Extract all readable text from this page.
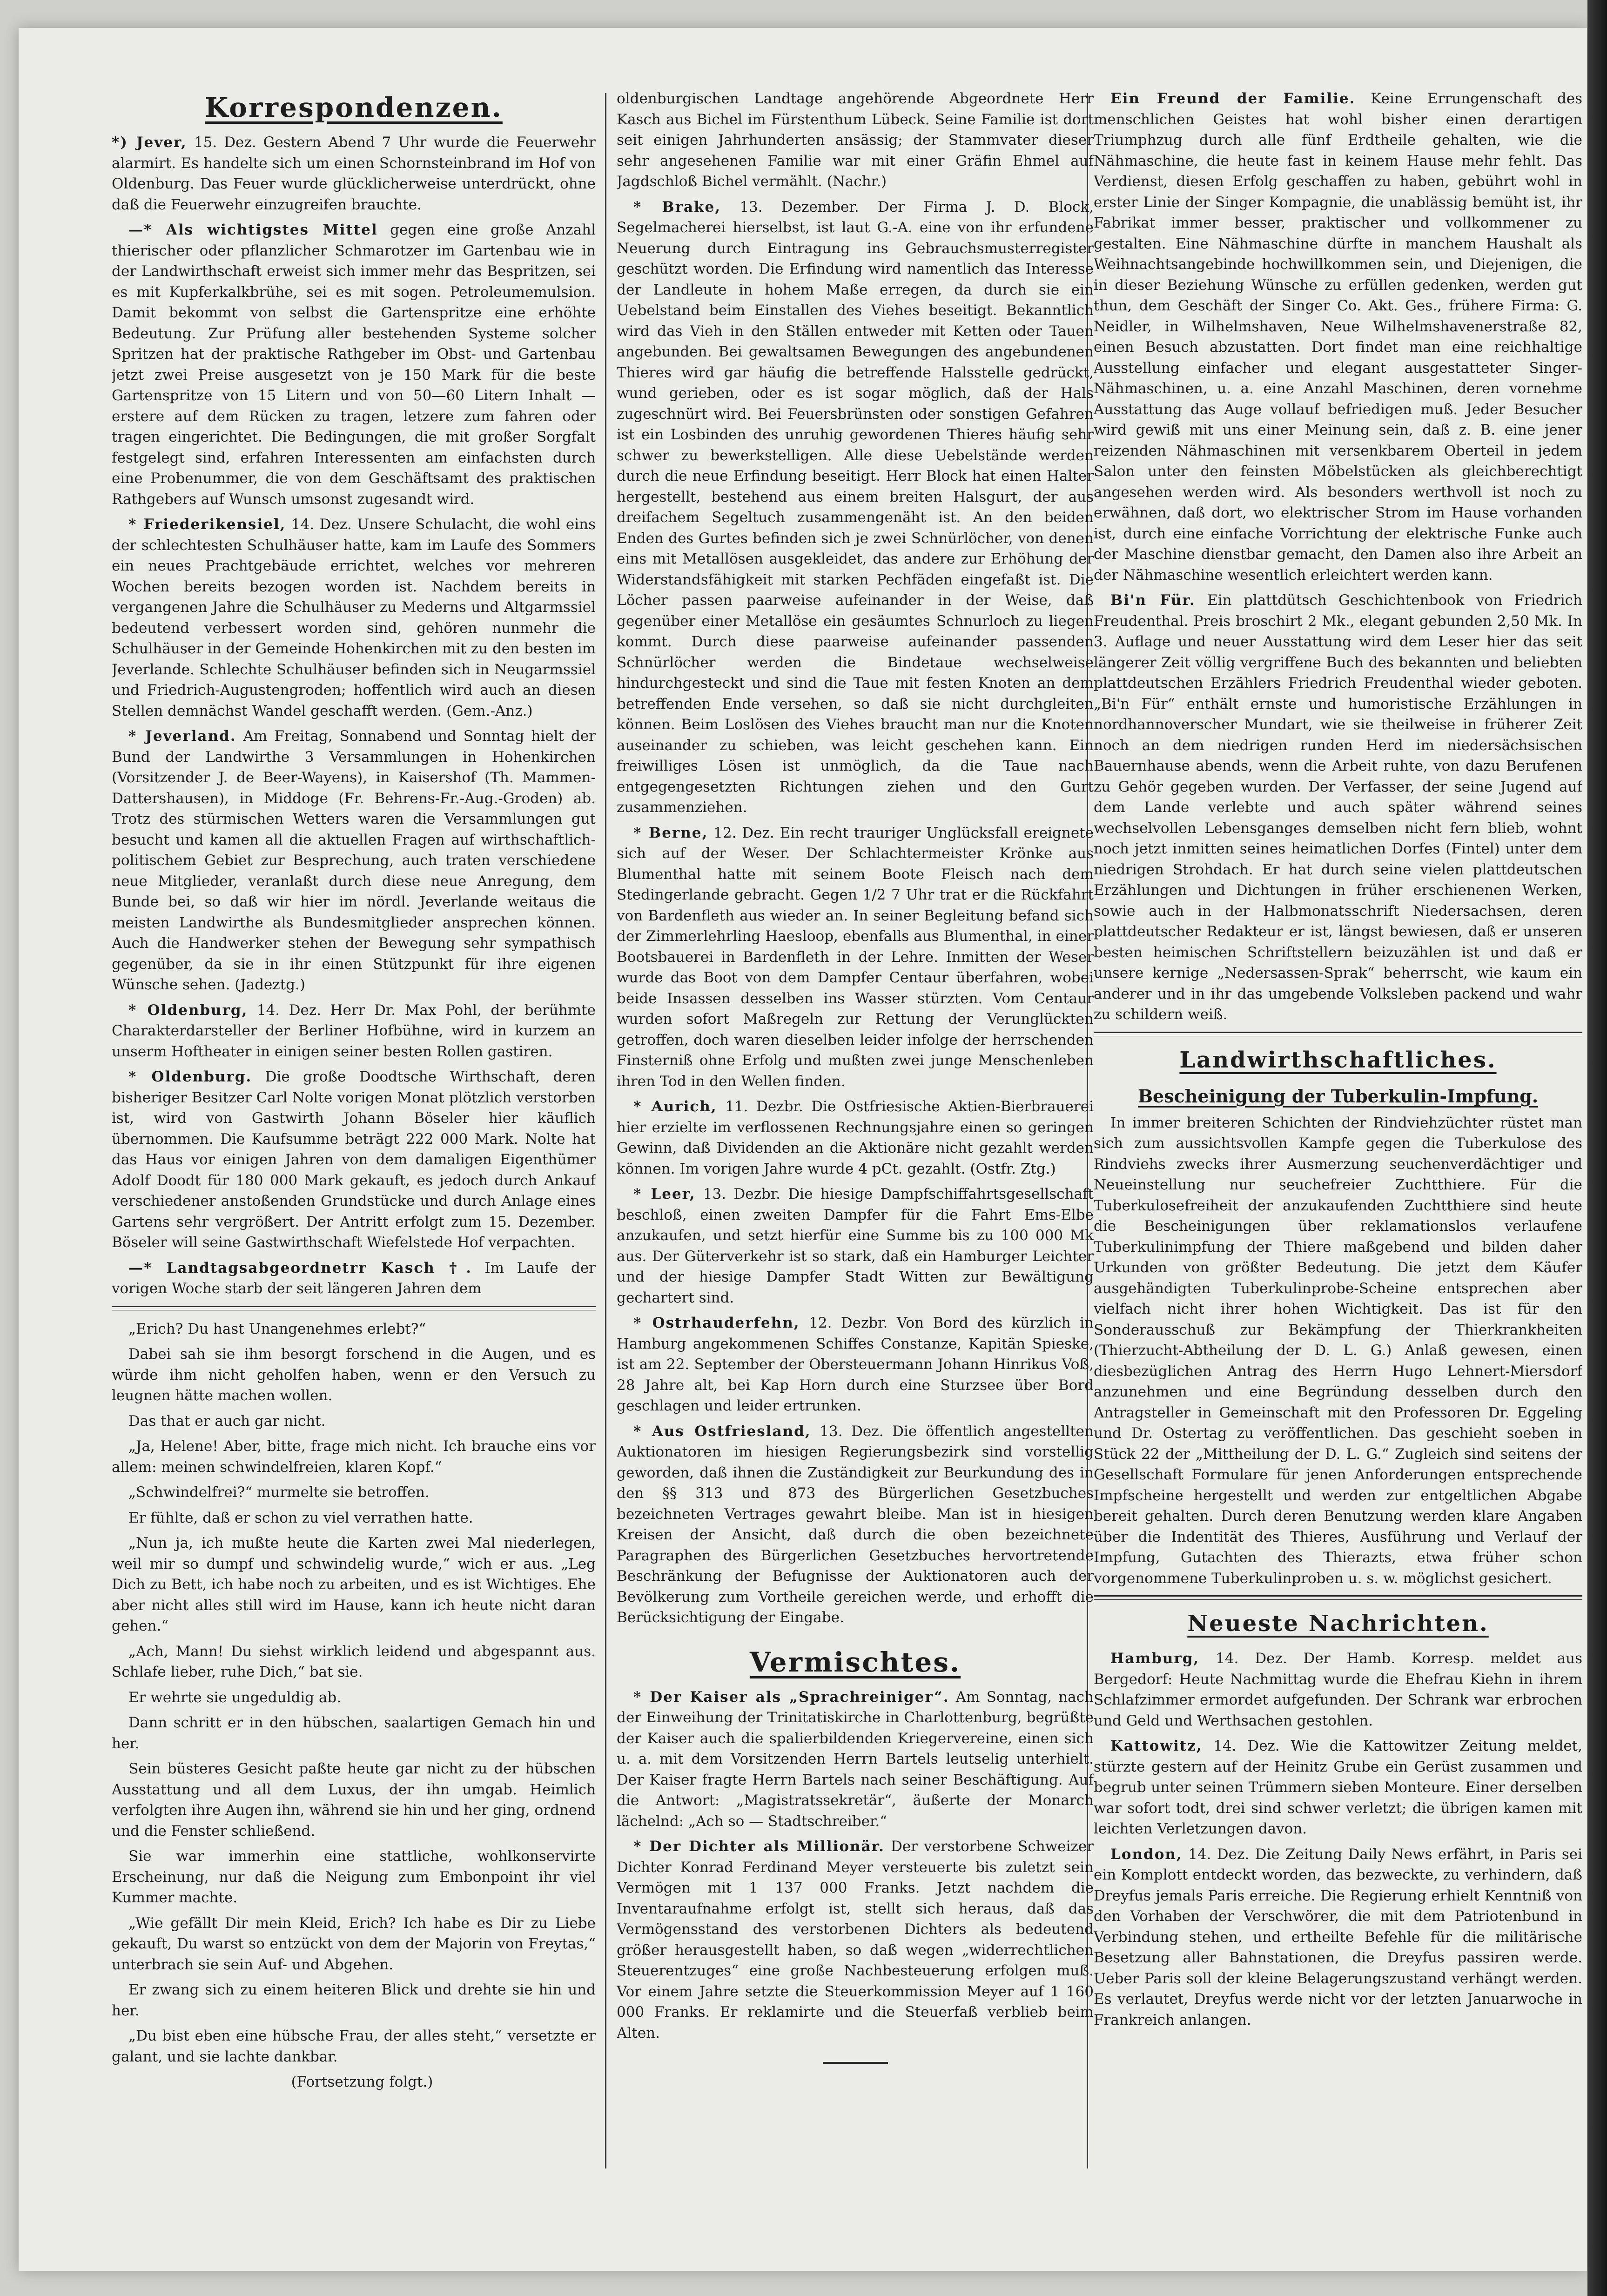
Korrespondenzen.

*) Jever, 15. Dez. Gestern Abend 7 Uhr wurde die Feuerwehr alarmirt. Es handelte sich um einen Schornsteinbrand im Hof von Oldenburg. Das Feuer wurde glücklicherweise unterdrückt, ohne daß die Feuerwehr einzugreifen brauchte.

—* Als wichtigstes Mittel gegen eine große Anzahl thierischer oder pflanzlicher Schmarotzer im Gartenbau wie in der Landwirthschaft erweist sich immer mehr das Bespritzen, sei es mit Kupferkalkbrühe, sei es mit sogen. Petroleumemulsion. Damit bekommt von selbst die Gartenspritze eine erhöhte Bedeutung. Zur Prüfung aller bestehenden Systeme solcher Spritzen hat der praktische Rathgeber im Obst- und Gartenbau jetzt zwei Preise ausgesetzt von je 150 Mark für die beste Gartenspritze von 15 Litern und von 50—60 Litern Inhalt — erstere auf dem Rücken zu tragen, letzere zum fahren oder tragen eingerichtet. Die Bedingungen, die mit großer Sorgfalt festgelegt sind, erfahren Interessenten am einfachsten durch eine Probenummer, die von dem Geschäftsamt des praktischen Rathgebers auf Wunsch umsonst zugesandt wird.

* Friederikensiel, 14. Dez. Unsere Schulacht, die wohl eins der schlechtesten Schulhäuser hatte, kam im Laufe des Sommers ein neues Prachtgebäude errichtet, welches vor mehreren Wochen bereits bezogen worden ist. Nachdem bereits in vergangenen Jahre die Schulhäuser zu Mederns und Altgarmssiel bedeutend verbessert worden sind, gehören nunmehr die Schulhäuser in der Gemeinde Hohenkirchen mit zu den besten im Jeverlande. Schlechte Schulhäuser befinden sich in Neugarmssiel und Friedrich-Augustengroden; hoffentlich wird auch an diesen Stellen demnächst Wandel geschafft werden. (Gem.-Anz.)

* Jeverland. Am Freitag, Sonnabend und Sonntag hielt der Bund der Landwirthe 3 Versammlungen in Hohenkirchen (Vorsitzender J. de Beer-Wayens), in Kaisershof (Th. Mammen-Dattershausen), in Middoge (Fr. Behrens-Fr.-Aug.-Groden) ab. Trotz des stürmischen Wetters waren die Versammlungen gut besucht und kamen all die aktuellen Fragen auf wirthschaftlich-politischem Gebiet zur Besprechung, auch traten verschiedene neue Mitglieder, veranlaßt durch diese neue Anregung, dem Bunde bei, so daß wir hier im nördl. Jeverlande weitaus die meisten Landwirthe als Bundesmitglieder ansprechen können. Auch die Handwerker stehen der Bewegung sehr sympathisch gegenüber, da sie in ihr einen Stützpunkt für ihre eigenen Wünsche sehen. (Jadeztg.)

* Oldenburg, 14. Dez. Herr Dr. Max Pohl, der berühmte Charakterdarsteller der Berliner Hofbühne, wird in kurzem an unserm Hoftheater in einigen seiner besten Rollen gastiren.

* Oldenburg. Die große Doodtsche Wirthschaft, deren bisheriger Besitzer Carl Nolte vorigen Monat plötzlich verstorben ist, wird von Gastwirth Johann Böseler hier käuflich übernommen. Die Kaufsumme beträgt 222 000 Mark. Nolte hat das Haus vor einigen Jahren von dem damaligen Eigenthümer Adolf Doodt für 180 000 Mark gekauft, es jedoch durch Ankauf verschiedener anstoßenden Grundstücke und durch Anlage eines Gartens sehr vergrößert. Der Antritt erfolgt zum 15. Dezember. Böseler will seine Gastwirthschaft Wiefelstede Hof verpachten.

—* Landtagsabgeordnetrr Kasch †. Im Laufe der vorigen Woche starb der seit längeren Jahren dem

„Erich? Du hast Unangenehmes erlebt?“

Dabei sah sie ihm besorgt forschend in die Augen, und es würde ihm nicht geholfen haben, wenn er den Versuch zu leugnen hätte machen wollen.

Das that er auch gar nicht.

„Ja, Helene! Aber, bitte, frage mich nicht. Ich brauche eins vor allem: meinen schwindelfreien, klaren Kopf.“

„Schwindelfrei?“ murmelte sie betroffen.

Er fühlte, daß er schon zu viel verrathen hatte.

„Nun ja, ich mußte heute die Karten zwei Mal niederlegen, weil mir so dumpf und schwindelig wurde,“ wich er aus. „Leg Dich zu Bett, ich habe noch zu arbeiten, und es ist Wichtiges. Ehe aber nicht alles still wird im Hause, kann ich heute nicht daran gehen.“

„Ach, Mann! Du siehst wirklich leidend und abgespannt aus. Schlafe lieber, ruhe Dich,“ bat sie.

Er wehrte sie ungeduldig ab.

Dann schritt er in den hübschen, saalartigen Gemach hin und her.

Sein büsteres Gesicht paßte heute gar nicht zu der hübschen Ausstattung und all dem Luxus, der ihn umgab. Heimlich verfolgten ihre Augen ihn, während sie hin und her ging, ordnend und die Fenster schließend.

Sie war immerhin eine stattliche, wohlkonservirte Erscheinung, nur daß die Neigung zum Embonpoint ihr viel Kummer machte.

„Wie gefällt Dir mein Kleid, Erich? Ich habe es Dir zu Liebe gekauft, Du warst so entzückt von dem der Majorin von Freytas,“ unterbrach sie sein Auf- und Abgehen.

Er zwang sich zu einem heiteren Blick und drehte sie hin und her.

„Du bist eben eine hübsche Frau, der alles steht,“ versetzte er galant, und sie lachte dankbar.

(Fortsetzung folgt.)

oldenburgischen Landtage angehörende Abgeordnete Herr Kasch aus Bichel im Fürstenthum Lübeck. Seine Familie ist dort seit einigen Jahrhunderten ansässig; der Stammvater dieser sehr angesehenen Familie war mit einer Gräfin Ehmel auf Jagdschloß Bichel vermählt. (Nachr.)

* Brake, 13. Dezember. Der Firma J. D. Block, Segelmacherei hierselbst, ist laut G.-A. eine von ihr erfundene Neuerung durch Eintragung ins Gebrauchsmusterregister geschützt worden. Die Erfindung wird namentlich das Interesse der Landleute in hohem Maße erregen, da durch sie ein Uebelstand beim Einstallen des Viehes beseitigt. Bekanntlich wird das Vieh in den Ställen entweder mit Ketten oder Tauen angebunden. Bei gewaltsamen Bewegungen des angebundenen Thieres wird gar häufig die betreffende Halsstelle gedrückt, wund gerieben, oder es ist sogar möglich, daß der Hals zugeschnürt wird. Bei Feuersbrünsten oder sonstigen Gefahren ist ein Losbinden des unruhig gewordenen Thieres häufig sehr schwer zu bewerkstelligen. Alle diese Uebelstände werden durch die neue Erfindung beseitigt. Herr Block hat einen Halter hergestellt, bestehend aus einem breiten Halsgurt, der aus dreifachem Segeltuch zusammengenäht ist. An den beiden Enden des Gurtes befinden sich je zwei Schnürlöcher, von denen eins mit Metallösen ausgekleidet, das andere zur Erhöhung der Widerstandsfähigkeit mit starken Pechfäden eingefaßt ist. Die Löcher passen paarweise aufeinander in der Weise, daß gegenüber einer Metallöse ein gesäumtes Schnurloch zu liegen kommt. Durch diese paarweise aufeinander passenden Schnürlöcher werden die Bindetaue wechselweise hindurchgesteckt und sind die Taue mit festen Knoten an dem betreffenden Ende versehen, so daß sie nicht durchgleiten können. Beim Loslösen des Viehes braucht man nur die Knoten auseinander zu schieben, was leicht geschehen kann. Ein freiwilliges Lösen ist unmöglich, da die Taue nach entgegengesetzten Richtungen ziehen und den Gurt zusammenziehen.

* Berne, 12. Dez. Ein recht trauriger Unglücksfall ereignete sich auf der Weser. Der Schlachtermeister Krönke aus Blumenthal hatte mit seinem Boote Fleisch nach dem Stedingerlande gebracht. Gegen 1/2 7 Uhr trat er die Rückfahrt von Bardenfleth aus wieder an. In seiner Begleitung befand sich der Zimmerlehrling Haesloop, ebenfalls aus Blumenthal, in einer Bootsbauerei in Bardenfleth in der Lehre. Inmitten der Weser wurde das Boot von dem Dampfer Centaur überfahren, wobei beide Insassen desselben ins Wasser stürzten. Vom Centaur wurden sofort Maßregeln zur Rettung der Verunglückten getroffen, doch waren dieselben leider infolge der herrschenden Finsterniß ohne Erfolg und mußten zwei junge Menschenleben ihren Tod in den Wellen finden.

* Aurich, 11. Dezbr. Die Ostfriesische Aktien-Bierbrauerei hier erzielte im verflossenen Rechnungsjahre einen so geringen Gewinn, daß Dividenden an die Aktionäre nicht gezahlt werden können. Im vorigen Jahre wurde 4 pCt. gezahlt. (Ostfr. Ztg.)

* Leer, 13. Dezbr. Die hiesige Dampfschiffahrtsgesellschaft beschloß, einen zweiten Dampfer für die Fahrt Ems-Elbe anzukaufen, und setzt hierfür eine Summe bis zu 100 000 Mk aus. Der Güterverkehr ist so stark, daß ein Hamburger Leichter und der hiesige Dampfer Stadt Witten zur Bewältigung gechartert sind.

* Ostrhauderfehn, 12. Dezbr. Von Bord des kürzlich in Hamburg angekommenen Schiffes Constanze, Kapitän Spieske, ist am 22. September der Obersteuermann Johann Hinrikus Voß, 28 Jahre alt, bei Kap Horn durch eine Sturzsee über Bord geschlagen und leider ertrunken.

* Aus Ostfriesland, 13. Dez. Die öffentlich angestellten Auktionatoren im hiesigen Regierungsbezirk sind vorstellig geworden, daß ihnen die Zuständigkeit zur Beurkundung des in den §§ 313 und 873 des Bürgerlichen Gesetzbuches bezeichneten Vertrages gewahrt bleibe. Man ist in hiesigen Kreisen der Ansicht, daß durch die oben bezeichnete Paragraphen des Bürgerlichen Gesetzbuches hervortretende Beschränkung der Befugnisse der Auktionatoren auch der Bevölkerung zum Vortheile gereichen werde, und erhofft die Berücksichtigung der Eingabe.

Vermischtes.

* Der Kaiser als „Sprachreiniger“. Am Sonntag, nach der Einweihung der Trinitatiskirche in Charlottenburg, begrüßte der Kaiser auch die spalierbildenden Kriegervereine, einen sich u. a. mit dem Vorsitzenden Herrn Bartels leutselig unterhielt. Der Kaiser fragte Herrn Bartels nach seiner Beschäftigung. Auf die Antwort: „Magistratssekretär“, äußerte der Monarch lächelnd: „Ach so — Stadtschreiber.“

* Der Dichter als Millionär. Der verstorbene Schweizer Dichter Konrad Ferdinand Meyer versteuerte bis zuletzt sein Vermögen mit 1 137 000 Franks. Jetzt nachdem die Inventaraufnahme erfolgt ist, stellt sich heraus, daß das Vermögensstand des verstorbenen Dichters als bedeutend größer herausgestellt haben, so daß wegen „widerrechtlichen Steuerentzuges“ eine große Nachbesteuerung erfolgen muß. Vor einem Jahre setzte die Steuerkommission Meyer auf 1 160 000 Franks. Er reklamirte und die Steuerfaß verblieb beim Alten.

Ein Freund der Familie. Keine Errungenschaft des menschlichen Geistes hat wohl bisher einen derartigen Triumphzug durch alle fünf Erdtheile gehalten, wie die Nähmaschine, die heute fast in keinem Hause mehr fehlt. Das Verdienst, diesen Erfolg geschaffen zu haben, gebührt wohl in erster Linie der Singer Kompagnie, die unablässig bemüht ist, ihr Fabrikat immer besser, praktischer und vollkommener zu gestalten. Eine Nähmaschine dürfte in manchem Haushalt als Weihnachtsangebinde hochwillkommen sein, und Diejenigen, die in dieser Beziehung Wünsche zu erfüllen gedenken, werden gut thun, dem Geschäft der Singer Co. Akt. Ges., frühere Firma: G. Neidler, in Wilhelmshaven, Neue Wilhelmshavenerstraße 82, einen Besuch abzustatten. Dort findet man eine reichhaltige Ausstellung einfacher und elegant ausgestatteter Singer-Nähmaschinen, u. a. eine Anzahl Maschinen, deren vornehme Ausstattung das Auge vollauf befriedigen muß. Jeder Besucher wird gewiß mit uns einer Meinung sein, daß z. B. eine jener reizenden Nähmaschinen mit versenkbarem Oberteil in jedem Salon unter den feinsten Möbelstücken als gleichberechtigt angesehen werden wird. Als besonders werthvoll ist noch zu erwähnen, daß dort, wo elektrischer Strom im Hause vorhanden ist, durch eine einfache Vorrichtung der elektrische Funke auch der Maschine dienstbar gemacht, den Damen also ihre Arbeit an der Nähmaschine wesentlich erleichtert werden kann.

Bi'n Für. Ein plattdütsch Geschichtenbook von Friedrich Freudenthal. Preis broschirt 2 Mk., elegant gebunden 2,50 Mk. In 3. Auflage und neuer Ausstattung wird dem Leser hier das seit längerer Zeit völlig vergriffene Buch des bekannten und beliebten plattdeutschen Erzählers Friedrich Freudenthal wieder geboten. „Bi'n Für“ enthält ernste und humoristische Erzählungen in nordhannoverscher Mundart, wie sie theilweise in früherer Zeit noch an dem niedrigen runden Herd im niedersächsischen Bauernhause abends, wenn die Arbeit ruhte, von dazu Berufenen zu Gehör gegeben wurden. Der Verfasser, der seine Jugend auf dem Lande verlebte und auch später während seines wechselvollen Lebensganges demselben nicht fern blieb, wohnt noch jetzt inmitten seines heimatlichen Dorfes (Fintel) unter dem niedrigen Strohdach. Er hat durch seine vielen plattdeutschen Erzählungen und Dichtungen in früher erschienenen Werken, sowie auch in der Halbmonatsschrift Niedersachsen, deren plattdeutscher Redakteur er ist, längst bewiesen, daß er unseren besten heimischen Schriftstellern beizuzählen ist und daß er unsere kernige „Nedersassen-Sprak“ beherrscht, wie kaum ein anderer und in ihr das umgebende Volksleben packend und wahr zu schildern weiß.

Landwirthschaftliches.
Bescheinigung der Tuberkulin-Impfung.

In immer breiteren Schichten der Rindviehzüchter rüstet man sich zum aussichtsvollen Kampfe gegen die Tuberkulose des Rindviehs zwecks ihrer Ausmerzung seuchenverdächtiger und Neueinstellung nur seuchefreier Zuchtthiere. Für die Tuberkulosefreiheit der anzukaufenden Zuchtthiere sind heute die Bescheinigungen über reklamationslos verlaufene Tuberkulinimpfung der Thiere maßgebend und bilden daher Urkunden von größter Bedeutung. Die jetzt dem Käufer ausgehändigten Tuberkulinprobe-Scheine entsprechen aber vielfach nicht ihrer hohen Wichtigkeit. Das ist für den Sonderausschuß zur Bekämpfung der Thierkrankheiten (Thierzucht-Abtheilung der D. L. G.) Anlaß gewesen, einen diesbezüglichen Antrag des Herrn Hugo Lehnert-Miersdorf anzunehmen und eine Begründung desselben durch den Antragsteller in Gemeinschaft mit den Professoren Dr. Eggeling und Dr. Ostertag zu veröffentlichen. Das geschieht soeben in Stück 22 der „Mittheilung der D. L. G.“ Zugleich sind seitens der Gesellschaft Formulare für jenen Anforderungen entsprechende Impfscheine hergestellt und werden zur entgeltlichen Abgabe bereit gehalten. Durch deren Benutzung werden klare Angaben über die Indentität des Thieres, Ausführung und Verlauf der Impfung, Gutachten des Thierazts, etwa früher schon vorgenommene Tuberkulinproben u. s. w. möglichst gesichert.

Neueste Nachrichten.

Hamburg, 14. Dez. Der Hamb. Korresp. meldet aus Bergedorf: Heute Nachmittag wurde die Ehefrau Kiehn in ihrem Schlafzimmer ermordet aufgefunden. Der Schrank war erbrochen und Geld und Werthsachen gestohlen.

Kattowitz, 14. Dez. Wie die Kattowitzer Zeitung meldet, stürzte gestern auf der Heinitz Grube ein Gerüst zusammen und begrub unter seinen Trümmern sieben Monteure. Einer derselben war sofort todt, drei sind schwer verletzt; die übrigen kamen mit leichten Verletzungen davon.

London, 14. Dez. Die Zeitung Daily News erfährt, in Paris sei ein Komplott entdeckt worden, das bezweckte, zu verhindern, daß Dreyfus jemals Paris erreiche. Die Regierung erhielt Kenntniß von den Vorhaben der Verschwörer, die mit dem Patriotenbund in Verbindung stehen, und ertheilte Befehle für die militärische Besetzung aller Bahnstationen, die Dreyfus passiren werde. Ueber Paris soll der kleine Belagerungszustand verhängt werden. Es verlautet, Dreyfus werde nicht vor der letzten Januarwoche in Frankreich anlangen.
